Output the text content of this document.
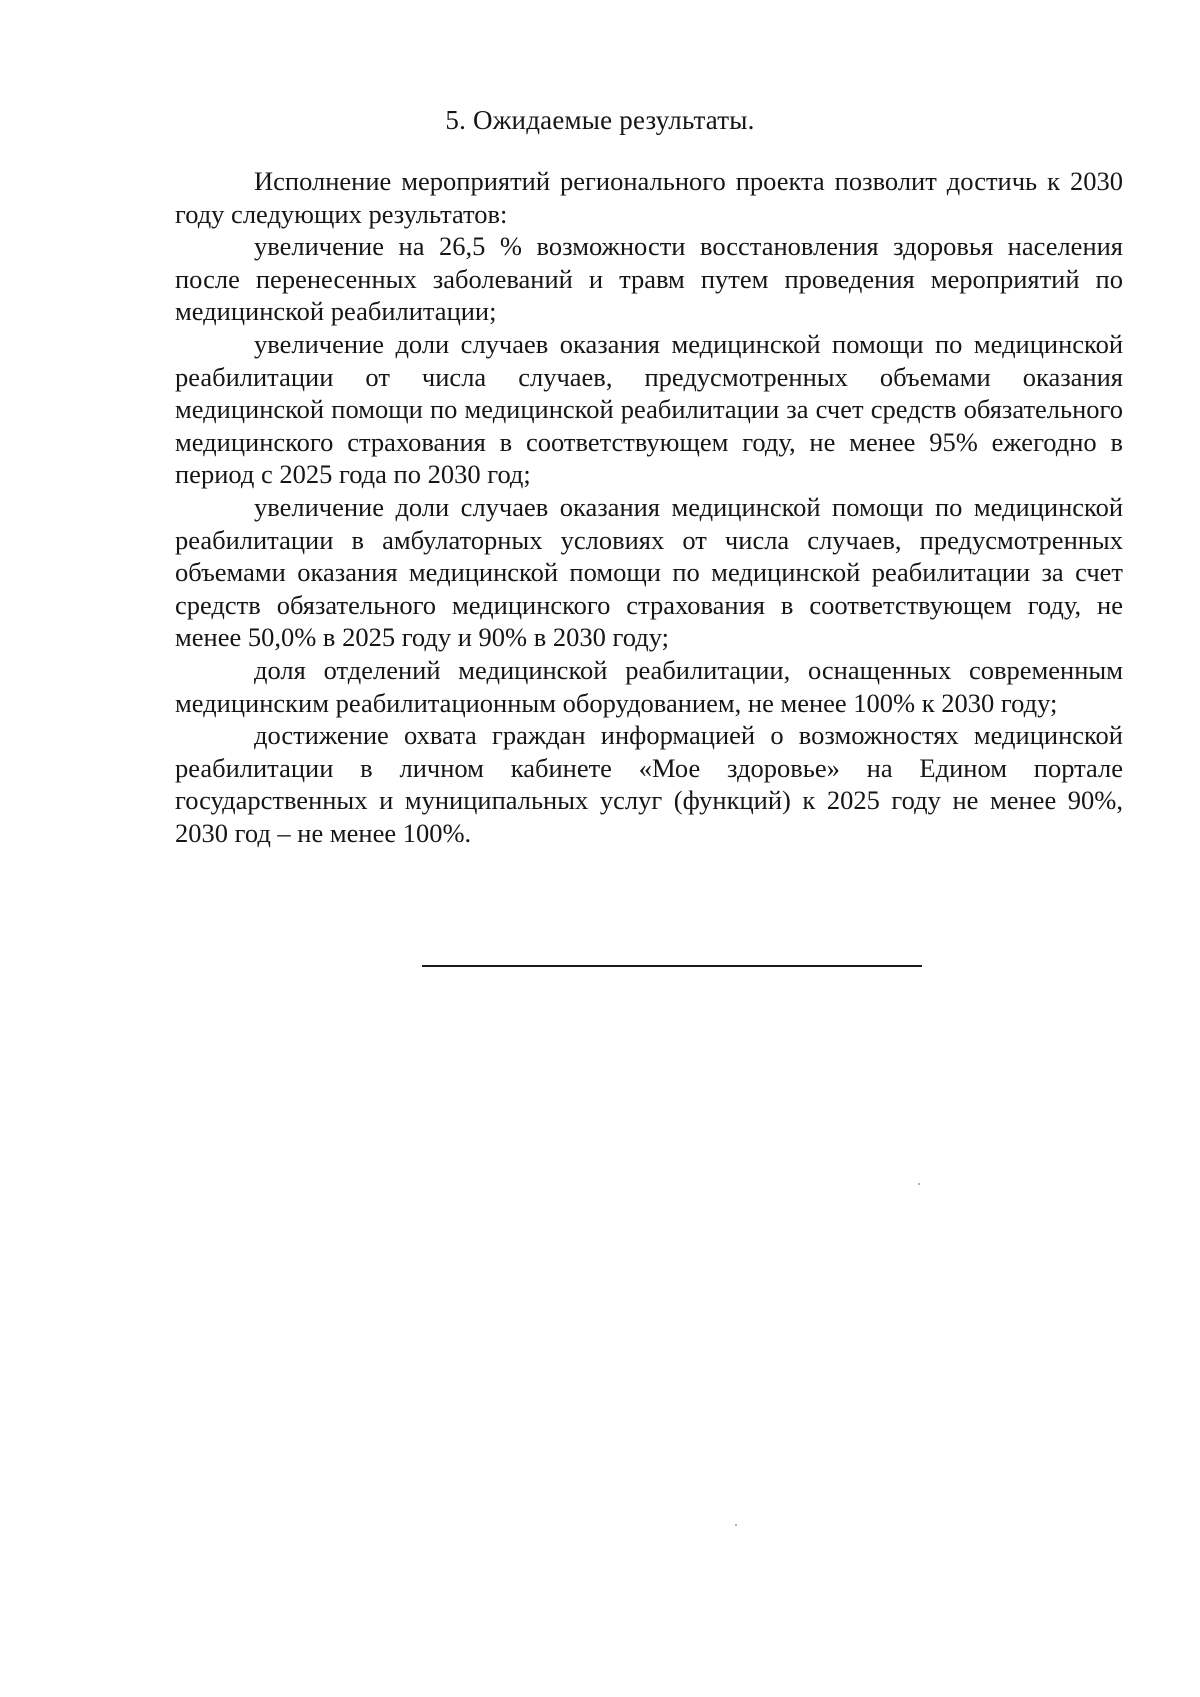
5. Ожидаемые результаты.

Исполнение мероприятий регионального проекта позволит достичь к 2030 году следующих результатов:

увеличение на 26,5 % возможности восстановления здоровья населения после перенесенных заболеваний и травм путем проведения мероприятий по медицинской реабилитации;

увеличение доли случаев оказания медицинской помощи по медицинской реабилитации от числа случаев, предусмотренных объемами оказания медицинской помощи по медицинской реабилитации за счет средств обязательного медицинского страхования в соответствующем году, не менее 95% ежегодно в период с 2025 года по 2030 год;

увеличение доли случаев оказания медицинской помощи по медицинской реабилитации в амбулаторных условиях от числа случаев, предусмотренных объемами оказания медицинской помощи по медицинской реабилитации за счет средств обязательного медицинского страхования в соответствующем году, не менее 50,0% в 2025 году и 90% в 2030 году;

доля отделений медицинской реабилитации, оснащенных современным медицинским реабилитационным оборудованием, не менее 100% к 2030 году;

достижение охвата граждан информацией о возможностях медицинской реабилитации в личном кабинете «Мое здоровье» на Едином портале государственных и муниципальных услуг (функций) к 2025 году не менее 90%, 2030 год – не менее 100%.
